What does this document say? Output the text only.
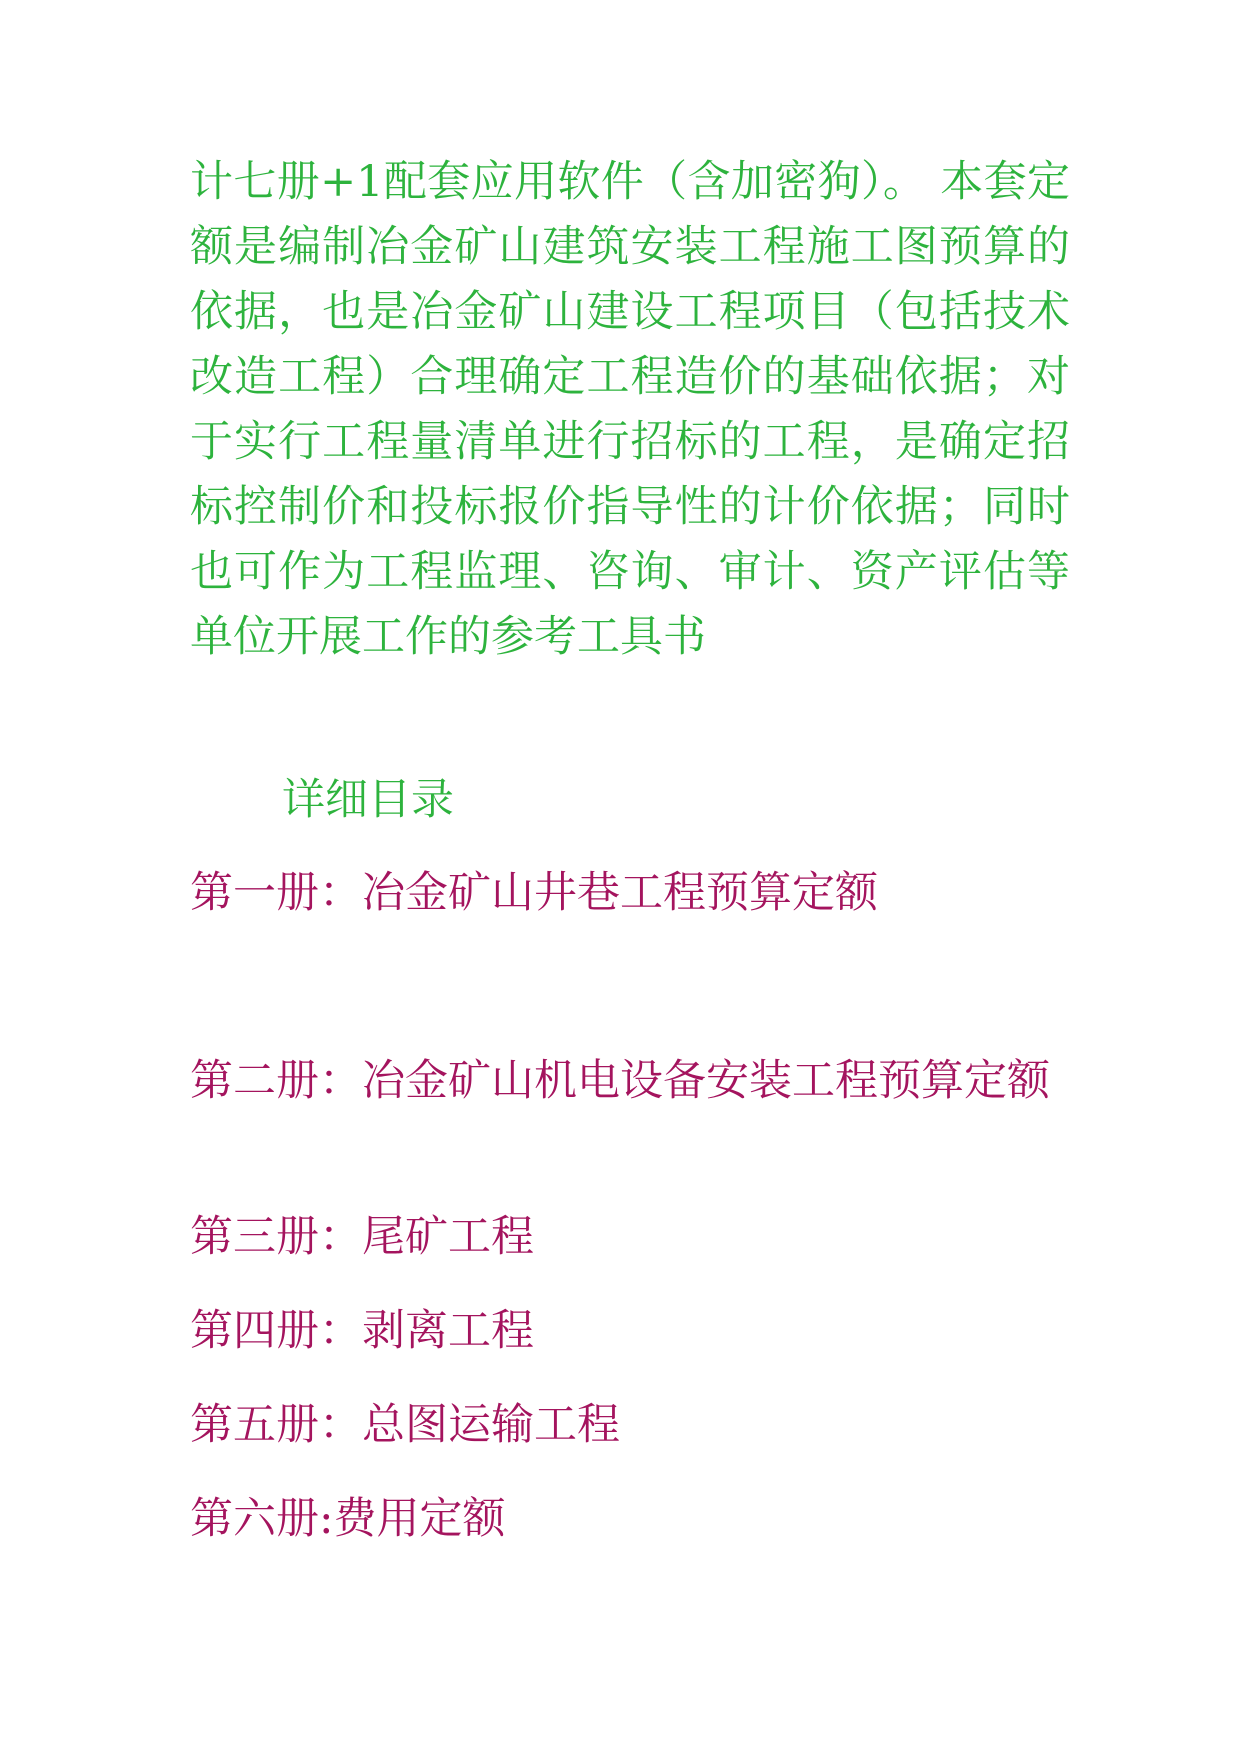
计七册+1配套应用软件（含加密狗）。 本套定额是编制冶金矿山建筑安装工程施工图预算的依据，也是冶金矿山建设工程项目（包括技术改造工程）合理确定工程造价的基础依据；对于实行工程量清单进行招标的工程，是确定招标控制价和投标报价指导性的计价依据；同时也可作为工程监理、咨询、审计、资产评估等单位开展工作的参考工具书

详细目录

第一册：冶金矿山井巷工程预算定额

第二册：冶金矿山机电设备安装工程预算定额

第三册：尾矿工程

第四册：剥离工程

第五册：总图运输工程

第六册:费用定额
